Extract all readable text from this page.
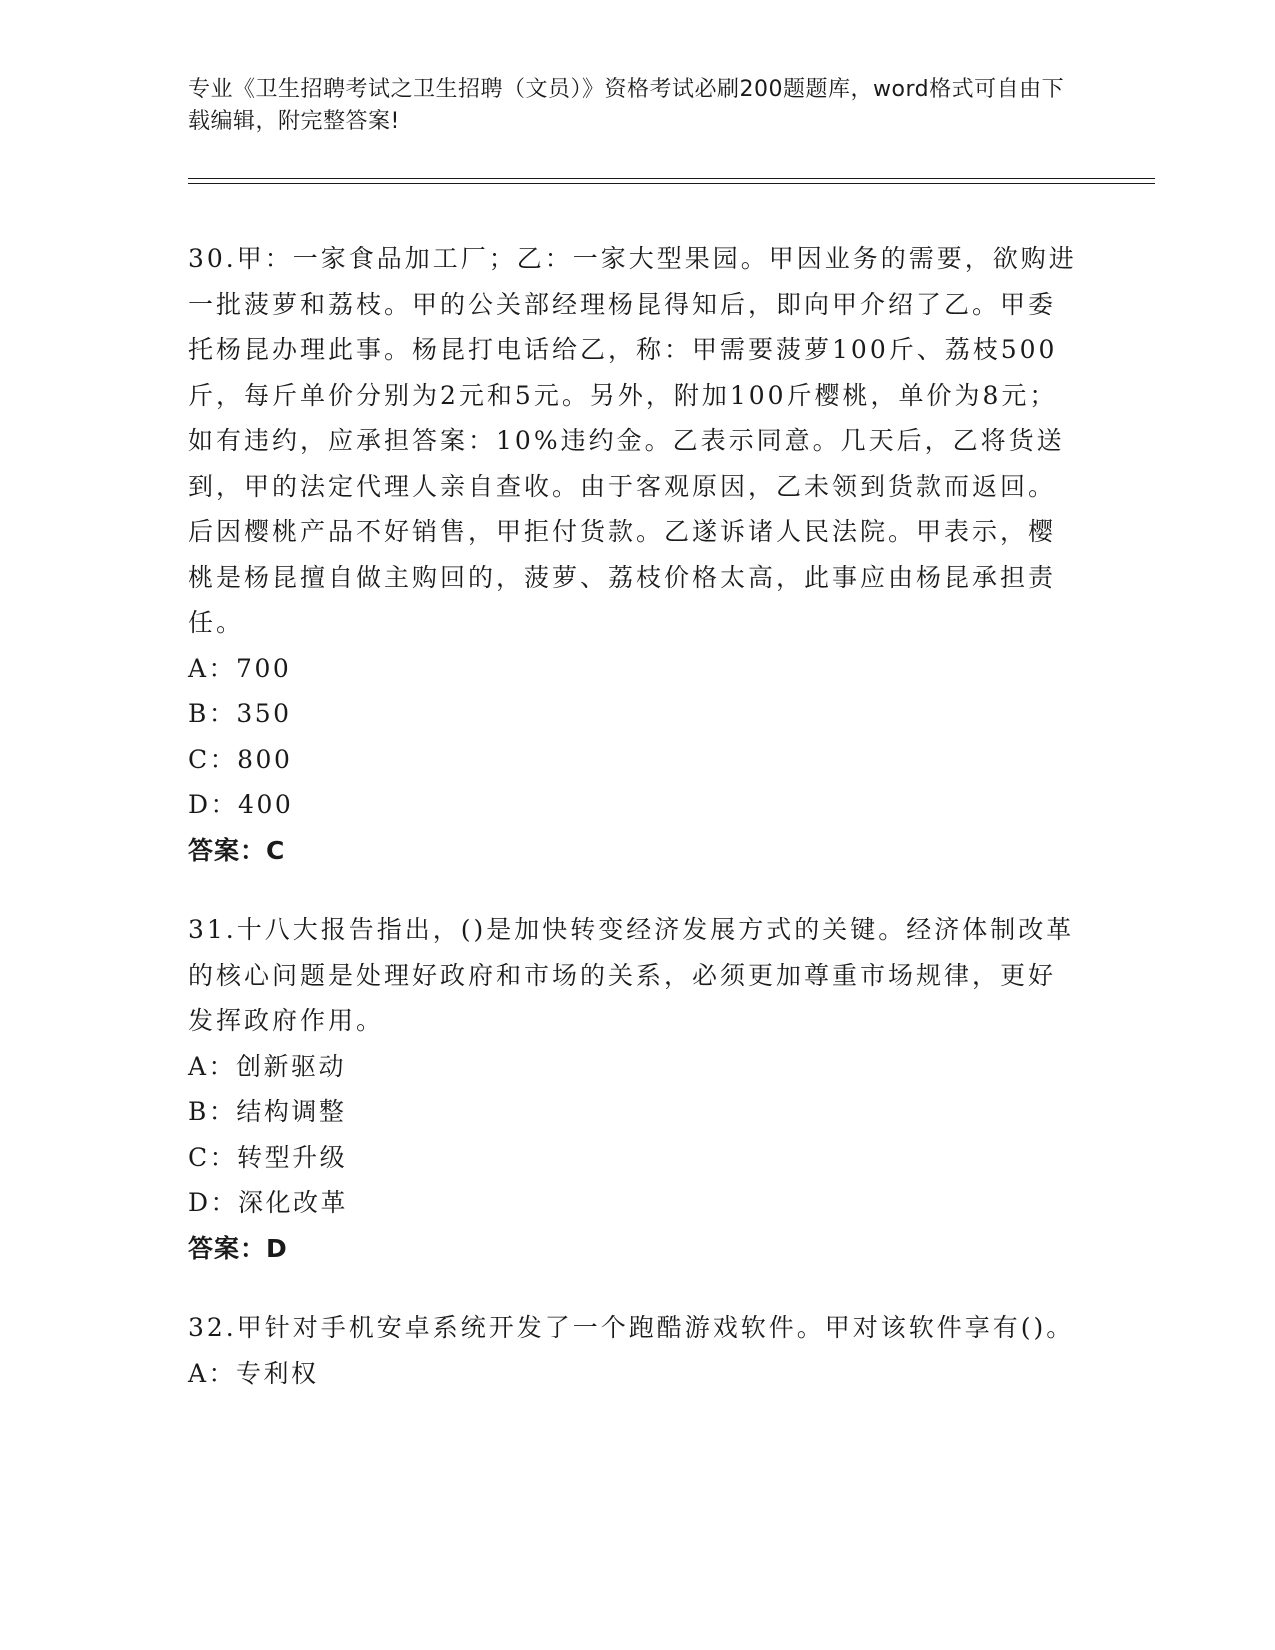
专业《卫生招聘考试之卫生招聘（文员）》资格考试必刷200题题库，word格式可自由下载编辑，附完整答案!

30.甲：一家食品加工厂；乙：一家大型果园。甲因业务的需要，欲购进一批菠萝和荔枝。甲的公关部经理杨昆得知后，即向甲介绍了乙。甲委托杨昆办理此事。杨昆打电话给乙，称：甲需要菠萝100斤、荔枝500斤，每斤单价分别为2元和5元。另外，附加100斤樱桃，单价为8元；如有违约，应承担答案：10%违约金。乙表示同意。几天后，乙将货送到，甲的法定代理人亲自查收。由于客观原因，乙未领到货款而返回。后因樱桃产品不好销售，甲拒付货款。乙遂诉诸人民法院。甲表示，樱桃是杨昆擅自做主购回的，菠萝、荔枝价格太高，此事应由杨昆承担责任。

A：700

B：350

C：800

D：400

答案：C

31.十八大报告指出，()是加快转变经济发展方式的关键。经济体制改革的核心问题是处理好政府和市场的关系，必须更加尊重市场规律，更好发挥政府作用。

A：创新驱动

B：结构调整

C：转型升级

D：深化改革

答案：D

32.甲针对手机安卓系统开发了一个跑酷游戏软件。甲对该软件享有()。

A：专利权
